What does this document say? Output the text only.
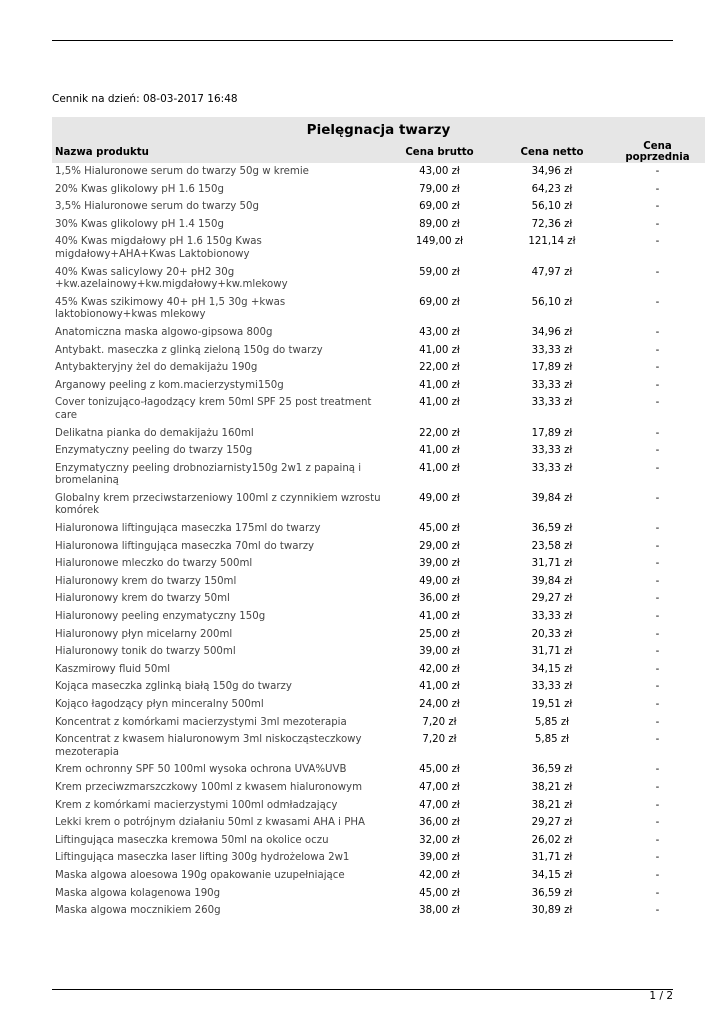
Cennik na dzień: 08-03-2017 16:48
Pielęgnacja twarzy
Nazwa produktu	Cena brutto	Cena netto	Cena poprzednia
1,5% Hialuronowe serum do twarzy 50g w kremie	43,00 zł	34,96 zł	-
20% Kwas glikolowy pH 1.6 150g	79,00 zł	64,23 zł	-
3,5% Hialuronowe serum do twarzy 50g	69,00 zł	56,10 zł	-
30% Kwas glikolowy pH 1.4 150g	89,00 zł	72,36 zł	-
40% Kwas migdałowy pH 1.6 150g Kwas migdałowy+AHA+Kwas Laktobionowy	149,00 zł	121,14 zł	-
40% Kwas salicylowy 20+ pH2 30g +kw.azelainowy+kw.migdałowy+kw.mlekowy	59,00 zł	47,97 zł	-
45% Kwas szikimowy 40+ pH 1,5 30g +kwas laktobionowy+kwas mlekowy	69,00 zł	56,10 zł	-
Anatomiczna maska algowo-gipsowa 800g	43,00 zł	34,96 zł	-
Antybakt. maseczka z glinką zieloną 150g do twarzy	41,00 zł	33,33 zł	-
Antybakteryjny żel do demakijażu 190g	22,00 zł	17,89 zł	-
Arganowy peeling z kom.macierzystymi150g	41,00 zł	33,33 zł	-
Cover tonizująco-łagodzący krem 50ml SPF 25 post treatment care	41,00 zł	33,33 zł	-
Delikatna pianka do demakijażu 160ml	22,00 zł	17,89 zł	-
Enzymatyczny peeling do twarzy 150g	41,00 zł	33,33 zł	-
Enzymatyczny peeling drobnoziarnisty150g 2w1 z papainą i bromelaniną	41,00 zł	33,33 zł	-
Globalny krem przeciwstarzeniowy 100ml z czynnikiem wzrostu komórek	49,00 zł	39,84 zł	-
Hialuronowa liftingująca maseczka 175ml do twarzy	45,00 zł	36,59 zł	-
Hialuronowa liftingująca maseczka 70ml do twarzy	29,00 zł	23,58 zł	-
Hialuronowe mleczko do twarzy 500ml	39,00 zł	31,71 zł	-
Hialuronowy krem do twarzy 150ml	49,00 zł	39,84 zł	-
Hialuronowy krem do twarzy 50ml	36,00 zł	29,27 zł	-
Hialuronowy peeling enzymatyczny 150g	41,00 zł	33,33 zł	-
Hialuronowy płyn micelarny 200ml	25,00 zł	20,33 zł	-
Hialuronowy tonik do twarzy 500ml	39,00 zł	31,71 zł	-
Kaszmirowy fluid 50ml	42,00 zł	34,15 zł	-
Kojąca maseczka zglinką białą 150g do twarzy	41,00 zł	33,33 zł	-
Kojąco łagodzący płyn minceralny 500ml	24,00 zł	19,51 zł	-
Koncentrat z komórkami macierzystymi 3ml mezoterapia	7,20 zł	5,85 zł	-
Koncentrat z kwasem hialuronowym 3ml niskocząsteczkowy mezoterapia	7,20 zł	5,85 zł	-
Krem ochronny SPF 50 100ml wysoka ochrona UVA%UVB	45,00 zł	36,59 zł	-
Krem przeciwzmarszczkowy 100ml z kwasem hialuronowym	47,00 zł	38,21 zł	-
Krem z komórkami macierzystymi 100ml odmładzający	47,00 zł	38,21 zł	-
Lekki krem o potrójnym działaniu 50ml z kwasami AHA i PHA	36,00 zł	29,27 zł	-
Liftingująca maseczka kremowa 50ml na okolice oczu	32,00 zł	26,02 zł	-
Liftingująca maseczka laser lifting 300g hydrożelowa 2w1	39,00 zł	31,71 zł	-
Maska algowa aloesowa 190g opakowanie uzupełniające	42,00 zł	34,15 zł	-
Maska algowa kolagenowa 190g	45,00 zł	36,59 zł	-
Maska algowa mocznikiem 260g	38,00 zł	30,89 zł	-
1 / 2
